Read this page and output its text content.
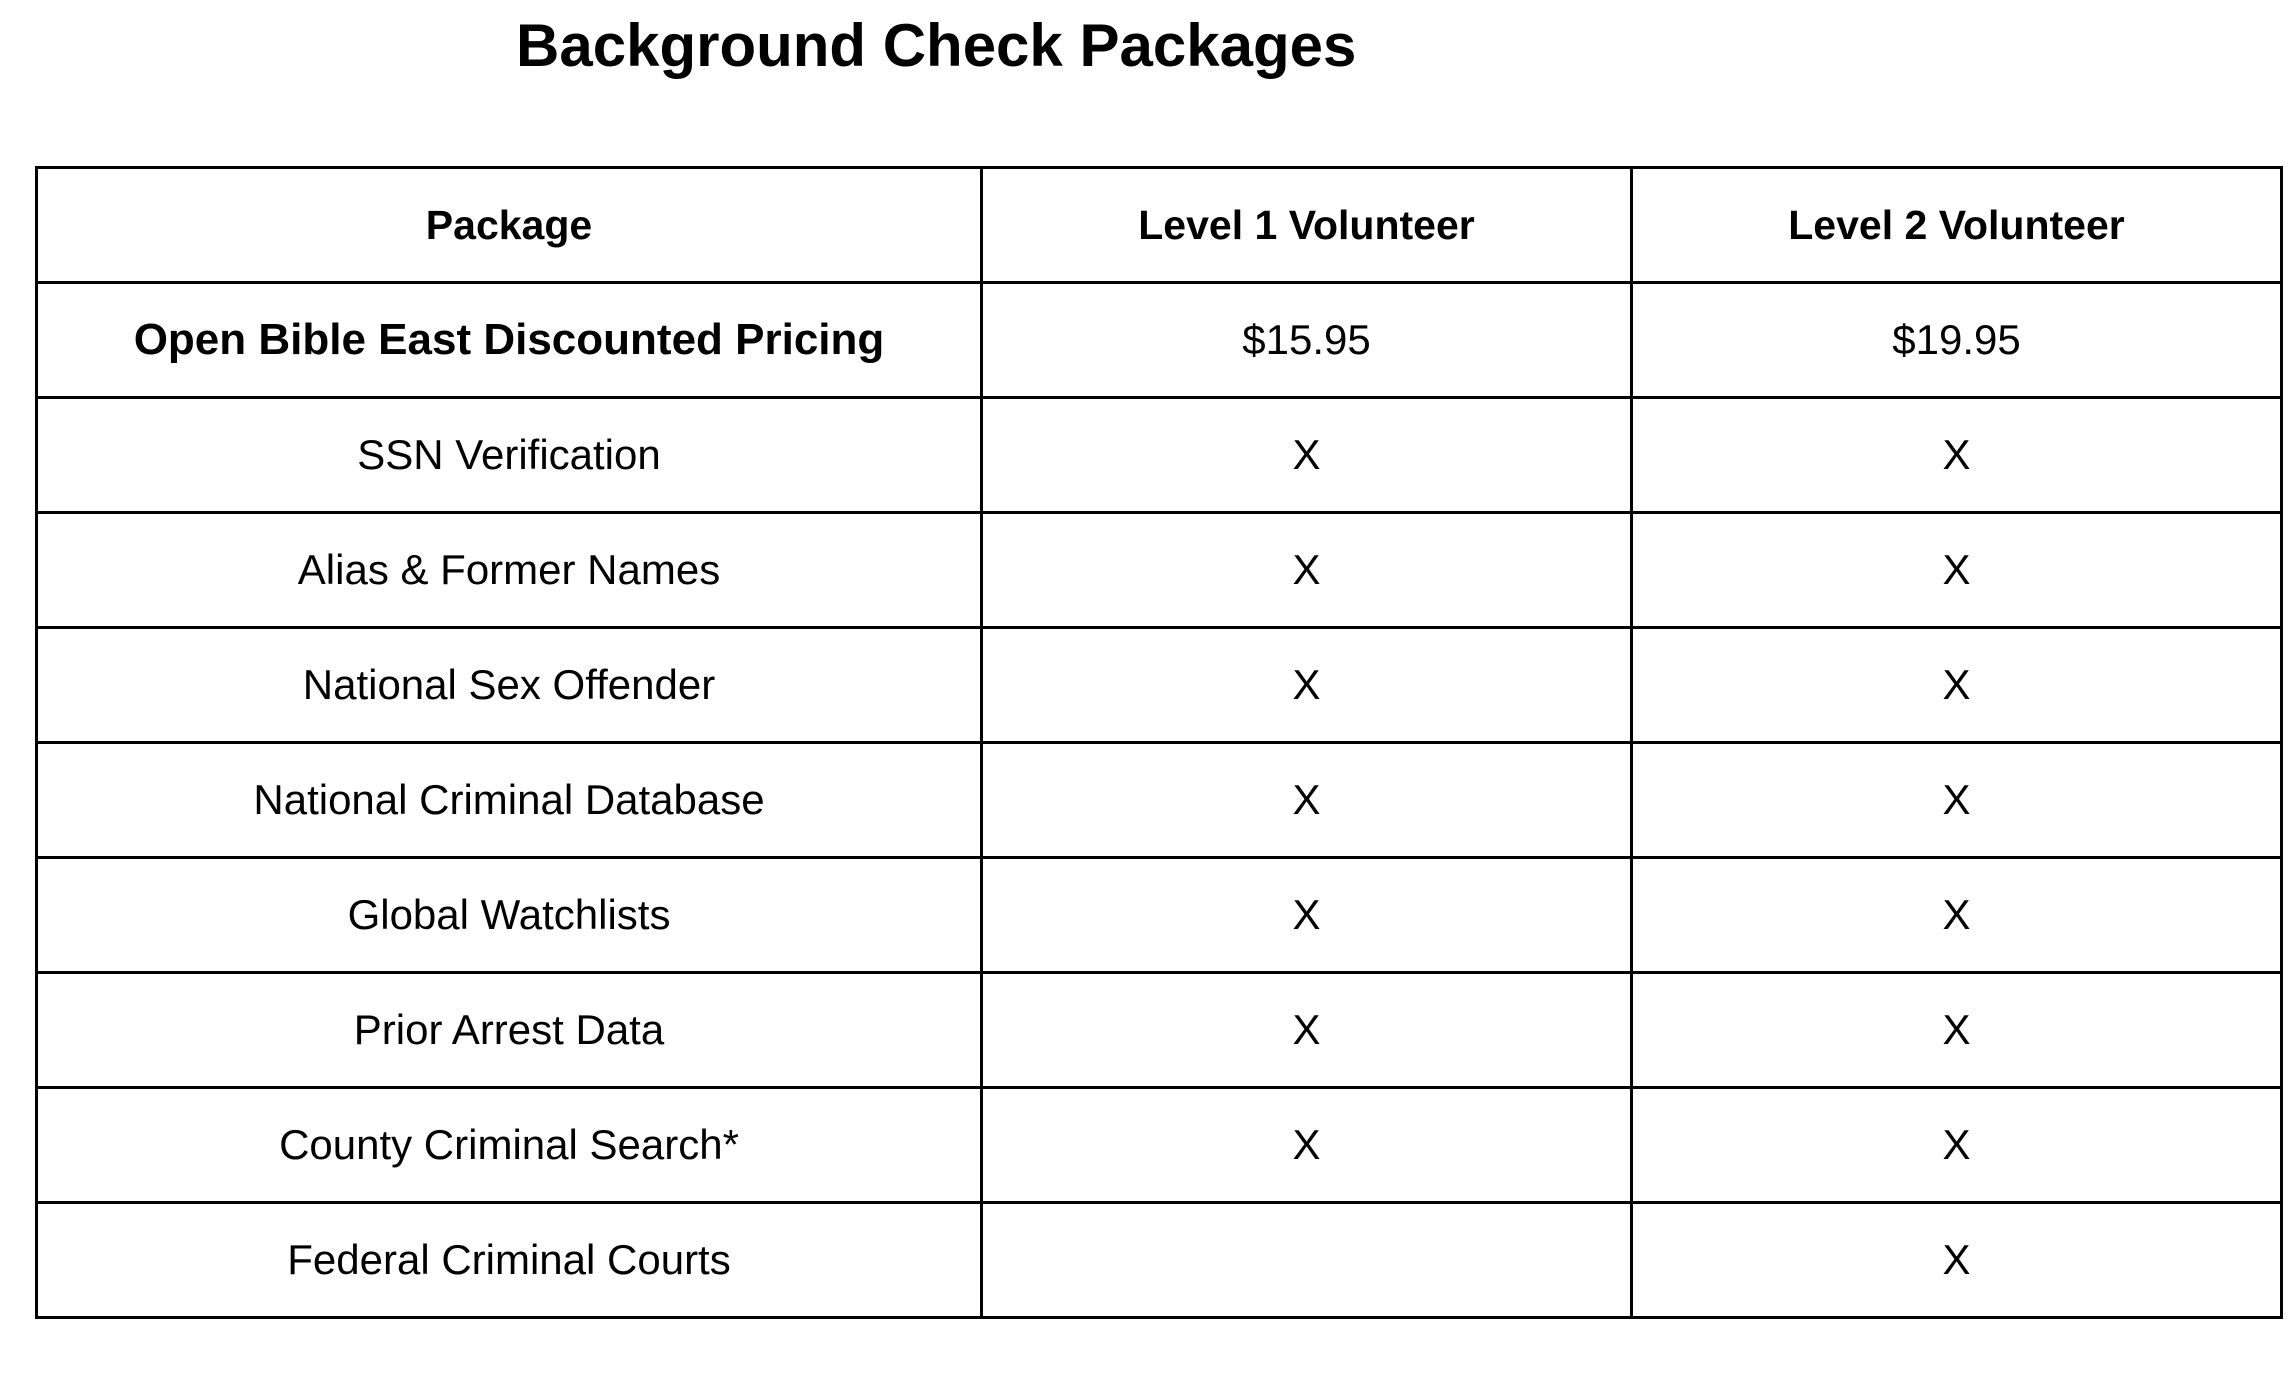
Background Check Packages
Package	Level 1 Volunteer	Level 2 Volunteer
Open Bible East Discounted Pricing	$15.95	$19.95
SSN Verification	X	X
Alias & Former Names	X	X
National Sex Offender	X	X
National Criminal Database	X	X
Global Watchlists	X	X
Prior Arrest Data	X	X
County Criminal Search*	X	X
Federal Criminal Courts		X
